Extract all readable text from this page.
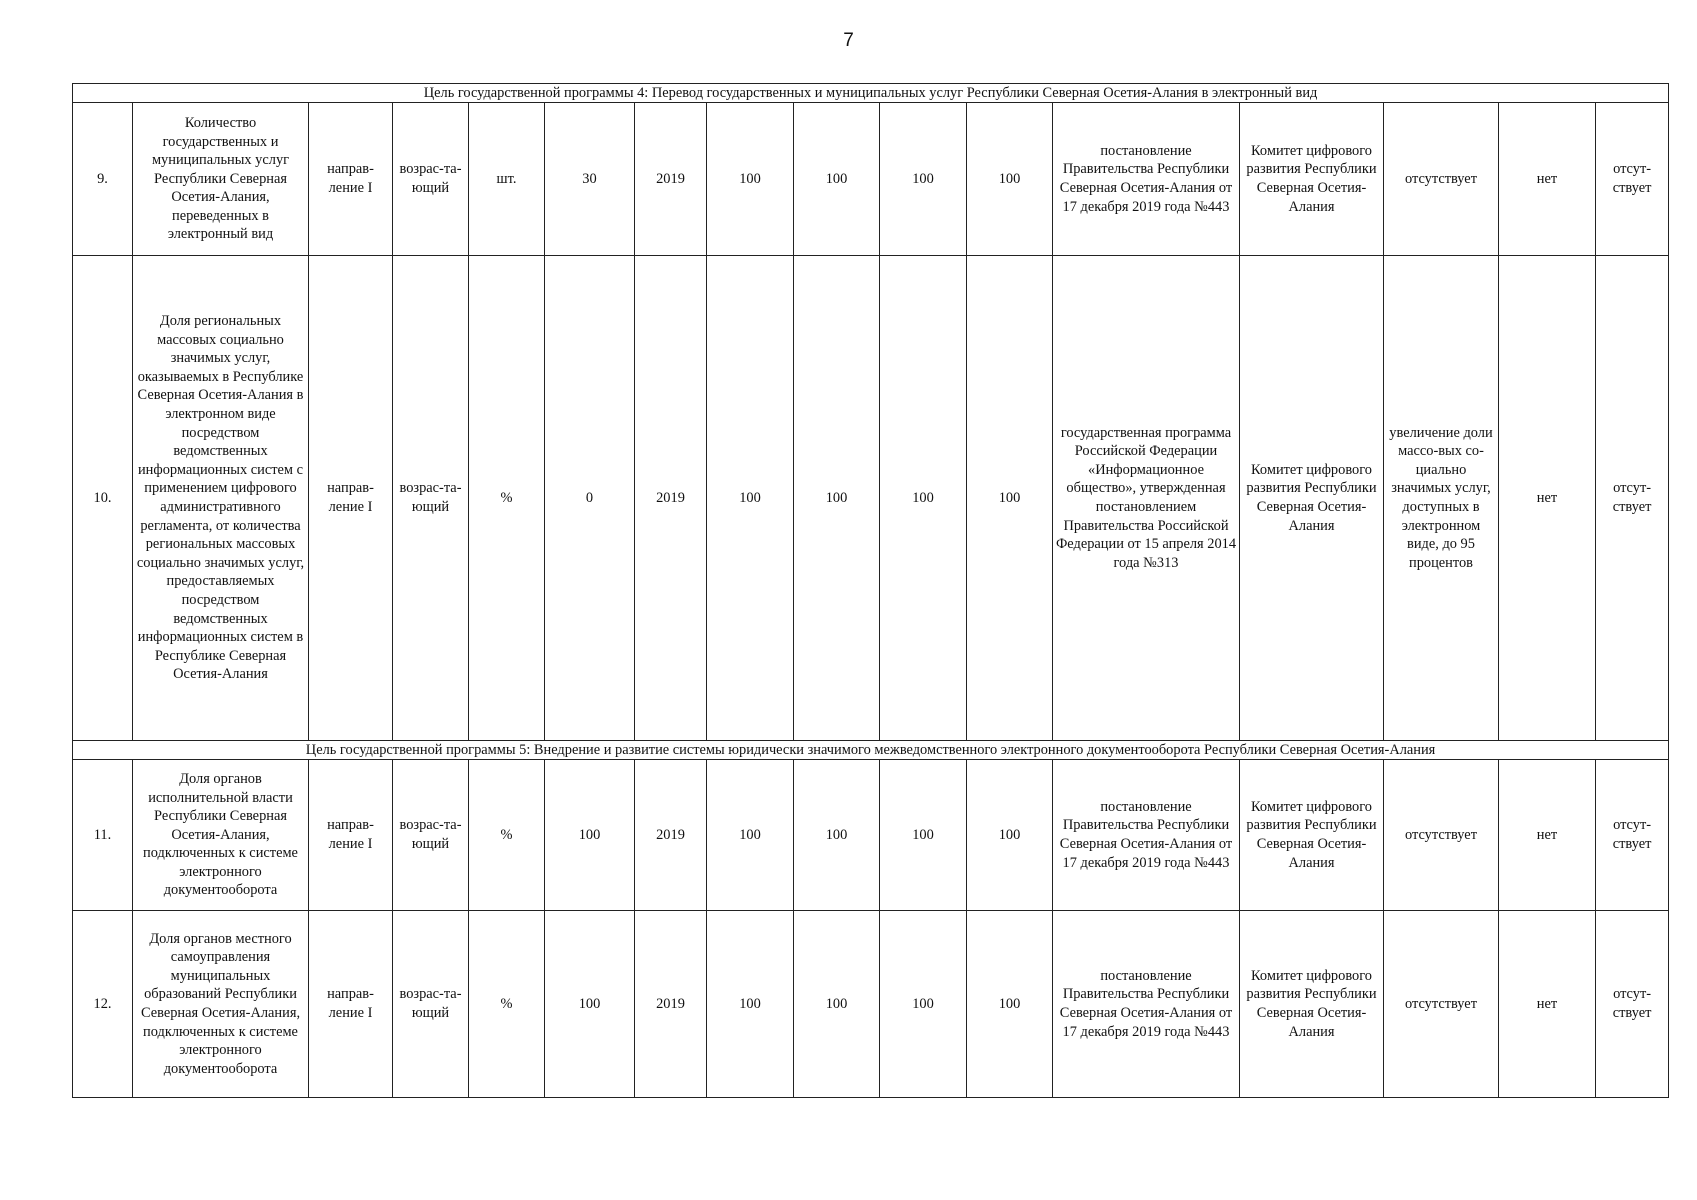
7
Цель государственной программы 4: Перевод государственных и муниципальных услуг Республики Северная Осетия-Алания в электронный вид															
9.	Количество государственных и муниципальных услуг Республики Северная Осетия-Алания, переведенных в электронный вид	направ-ление I	возрас-та-ющий	шт.	30	2019	100	100	100	100	постановление Правительства Республики Северная Осетия-Алания от 17 декабря 2019 года №443	Комитет цифрового развития Республики Северная Осетия-Алания	отсутствует	нет	отсут-ствует
10.	Доля региональных массовых социально значимых услуг, оказываемых в Республике Северная Осетия-Алания в электронном виде посредством ведомственных информационных систем с применением цифрового административного регламента, от количества региональных массовых социально значимых услуг, предоставляемых посредством ведомственных информационных систем в Республике Северная Осетия-Алания	направ-ление I	возрас-та-ющий	%	0	2019	100	100	100	100	государственная программа Российской Федерации «Информационное общество», утвержденная постановлением Правительства Российской Федерации от 15 апреля 2014 года №313	Комитет цифрового развития Республики Северная Осетия-Алания	увеличение доли массо-вых со-циально значимых услуг, доступных в электронном виде, до 95 процентов	нет	отсут-ствует
Цель государственной программы 5: Внедрение и развитие системы юридически значимого межведомственного электронного документооборота Республики Северная Осетия-Алания															
11.	Доля органов исполнительной власти Республики Северная Осетия-Алания, подключенных к системе электронного документооборота	направ-ление I	возрас-та-ющий	%	100	2019	100	100	100	100	постановление Правительства Республики Северная Осетия-Алания от 17 декабря 2019 года №443	Комитет цифрового развития Республики Северная Осетия-Алания	отсутствует	нет	отсут-ствует
12.	Доля органов местного самоуправления муниципальных образований Республики Северная Осетия-Алания, подключенных к системе электронного документооборота	направ-ление I	возрас-та-ющий	%	100	2019	100	100	100	100	постановление Правительства Республики Северная Осетия-Алания от 17 декабря 2019 года №443	Комитет цифрового развития Республики Северная Осетия-Алания	отсутствует	нет	отсут-ствует
